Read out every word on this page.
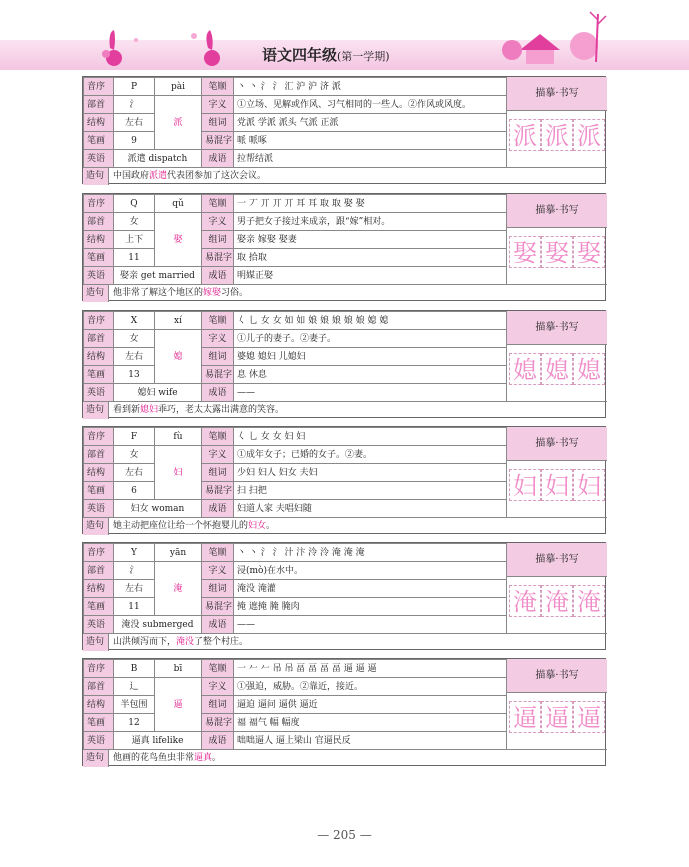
语文四年级(第一学期)
音序	P	pài	笔顺	丶 丶 氵 氵 汇 沪 沪 济 派
部首	氵	派	字义	①立场、见解或作风、习气相同的一些人。②作风或风度。
结构	左右		组词	党派 学派 派头 气派 正派
笔画	9		易混字	哌 哌啄
英语	派遣 dispatch		成语	拉帮结派
描摹·书写
派 派 派
造句 中国政府派遣代表团参加了这次会议。
音序	Q	qǔ	笔顺	一 丆 丌 丌 丌 耳 耳 取 取 娶 娶
部首	女	娶	字义	男子把女子接过来成亲，跟“嫁”相对。
结构	上下		组词	娶亲 嫁娶 娶妻
笔画	11		易混字	取 拾取
英语	娶亲 get married		成语	明媒正娶
描摹·书写
娶 娶 娶
造句 他非常了解这个地区的嫁娶习俗。
音序	X	xí	笔顺	𡿨 乚 女 女 如 如 娘 娘 娘 娘 娘 媳 媳
部首	女	媳	字义	①儿子的妻子。②妻子。
结构	左右		组词	婆媳 媳妇 儿媳妇
笔画	13		易混字	息 休息
英语	媳妇 wife		成语	——
描摹·书写
媳 媳 媳
造句 看到新媳妇乖巧，老太太露出满意的笑容。
音序	F	fù	笔顺	𡿨 乚 女 女 妇 妇
部首	女	妇	字义	①成年女子；已婚的女子。②妻。
结构	左右		组词	少妇 妇人 妇女 夫妇
笔画	6		易混字	扫 扫把
英语	妇女 woman		成语	妇道人家 夫唱妇随
描摹·书写
妇 妇 妇
造句 她主动把座位让给一个怀抱婴儿的妇女。
音序	Y	yān	笔顺	丶 丶 氵 氵 汁 汴 泠 泠 淹 淹 淹
部首	氵	淹	字义	浸(mò)在水中。
结构	左右		组词	淹没 淹灌
笔画	11		易混字	掩 遮掩 腌 腌肉
英语	淹没 submerged		成语	——
描摹·书写
淹 淹 淹
造句 山洪倾泻而下，淹没了整个村庄。
音序	B	bī	笔顺	一 𠂉 𠂉 吊 吊 畐 畐 畐 畐 逼 逼 逼
部首	辶	逼	字义	①强迫，威胁。②靠近，接近。
结构	半包围		组词	逼迫 逼问 逼供 逼近
笔画	12		易混字	福 福气 幅 幅度
英语	逼真 lifelike		成语	咄咄逼人 逼上梁山 官逼民反
描摹·书写
逼 逼 逼
造句 他画的花鸟鱼虫非常逼真。
— 205 —
